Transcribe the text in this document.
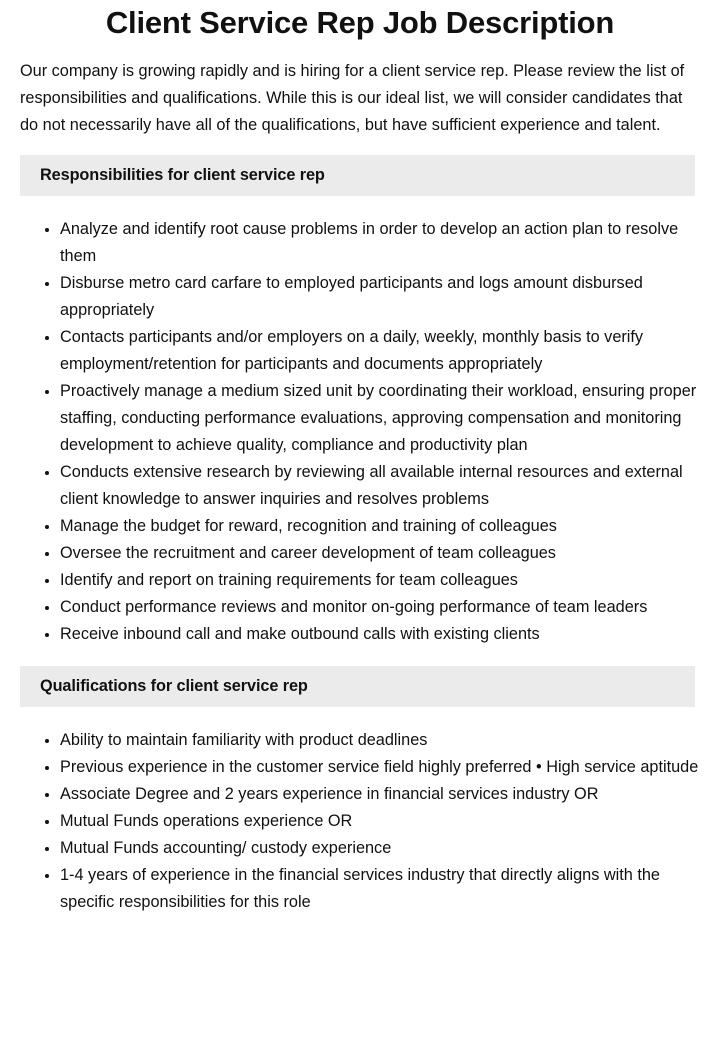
Client Service Rep Job Description

Our company is growing rapidly and is hiring for a client service rep. Please review the list of responsibilities and qualifications. While this is our ideal list, we will consider candidates that do not necessarily have all of the qualifications, but have sufficient experience and talent.

Responsibilities for client service rep
• Analyze and identify root cause problems in order to develop an action plan to resolve them
• Disburse metro card carfare to employed participants and logs amount disbursed appropriately
• Contacts participants and/or employers on a daily, weekly, monthly basis to verify employment/retention for participants and documents appropriately
• Proactively manage a medium sized unit by coordinating their workload, ensuring proper staffing, conducting performance evaluations, approving compensation and monitoring development to achieve quality, compliance and productivity plan
• Conducts extensive research by reviewing all available internal resources and external client knowledge to answer inquiries and resolves problems
• Manage the budget for reward, recognition and training of colleagues
• Oversee the recruitment and career development of team colleagues
• Identify and report on training requirements for team colleagues
• Conduct performance reviews and monitor on-going performance of team leaders
• Receive inbound call and make outbound calls with existing clients
Qualifications for client service rep
• Ability to maintain familiarity with product deadlines
• Previous experience in the customer service field highly preferred • High service aptitude
• Associate Degree and 2 years experience in financial services industry OR
• Mutual Funds operations experience OR
• Mutual Funds accounting/ custody experience
• 1-4 years of experience in the financial services industry that directly aligns with the specific responsibilities for this role
